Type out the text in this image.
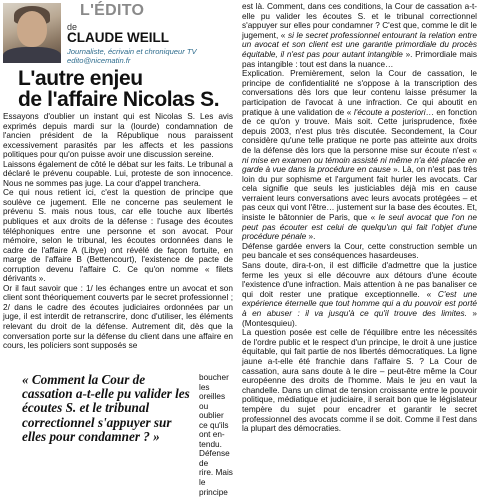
L'ÉDITO
de
CLAUDE WEILL
Journaliste, écrivain et chroniqueur TV
edito@nicematin.fr
L'autre enjeu
de l'affaire Nicolas S.

Essayons d'oublier un instant qui est Nicolas S. Les avis exprimés depuis mardi sur la (lourde) condamnation de l'ancien président de la République nous paraissent excessivement parasités par les affects et les passions politiques pour qu'on puisse avoir une discussion sereine.

Laissons également de côté le débat sur les faits. Le tribunal a déclaré le prévenu coupable. Lui, proteste de son innocence. Nous ne sommes pas juge. La cour d'appel tranchera.

Ce qui nous retient ici, c'est la question de principe que soulève ce jugement. Elle ne concerne pas seulement le prévenu S. mais nous tous, car elle touche aux libertés publiques et aux droits de la défense : l'usage des écoutes téléphoniques entre une personne et son avocat. Pour mémoire, selon le tribunal, les écoutes ordonnées dans le cadre de l'affaire A (Libye) ont révélé de façon fortuite, en marge de l'affaire B (Bettencourt), l'existence de pacte de corruption devenu l'affaire C. Ce qu'on nomme « filets dérivants ».

Or il faut savoir que : 1/ les échanges entre un avocat et son client sont théoriquement couverts par le secret professionnel ; 2/ dans le cadre des écoutes judiciaires ordonnées par un juge, il est interdit de retranscrire, donc d'utiliser, les éléments relevant du droit de la défense. Autrement dit, dès que la conversation porte sur la défense du client dans une affaire en cours, les policiers sont supposés se

« Comment la Cour de cassation a-t-elle pu valider les écoutes S. et le tribunal correctionnel s'appuyer sur elles pour condamner ? »
boucher
les oreilles
ou oublier
ce qu'ils ont en-
tendu.
Défense de
rire. Mais
le principe

est là. Comment, dans ces conditions, la Cour de cassation a-t-elle pu valider les écoutes S. et le tribunal correctionnel s'appuyer sur elles pour condamner ? C'est que, comme le dit le jugement, « si le secret professionnel entourant la relation entre un avocat et son client est une garantie primordiale du procès équitable, il n'est pas pour autant intangible ». Primordiale mais pas intangible : tout est dans la nuance…

Explication. Premièrement, selon la Cour de cassation, le principe de confidentialité ne s'oppose à la transcription des conversations dès lors que leur contenu laisse présumer la participation de l'avocat à une infraction. Ce qui aboutit en pratique à une validation de « l'écoute a posteriori… en fonction de ce qu'on y trouve. Mais soit. Cette jurisprudence, fixée depuis 2003, n'est plus très discutée. Secondement, la Cour considère qu'une telle pratique ne porte pas atteinte aux droits de la défense dès lors que la personne mise sur écoute n'est « ni mise en examen ou témoin assisté ni même n'a été placée en garde à vue dans la procédure en cause ». Là, on n'est pas très loin du pur sophisme et l'argument fait hurler les avocats. Car cela signifie que seuls les justiciables déjà mis en cause verraient leurs conversations avec leurs avocats protégées – et pas ceux qui vont l'être… justement sur la base des écoutes. Et, insiste le bâtonnier de Paris, que « le seul avocat que l'on ne peut pas écouter est celui de quelqu'un qui fait l'objet d'une procédure pénale ».

Défense gardée envers la Cour, cette construction semble un peu bancale et ses conséquences hasardeuses.

Sans doute, dira-t-on, il est difficile d'admettre que la justice ferme les yeux si elle découvre aux détours d'une écoute l'existence d'une infraction. Mais attention à ne pas banaliser ce qui doit rester une pratique exceptionnelle. « C'est une expérience éternelle que tout homme qui a du pouvoir est porté à en abuser : il va jusqu'à ce qu'il trouve des limites. » (Montesquieu).

La question posée est celle de l'équilibre entre les nécessités de l'ordre public et le respect d'un principe, le droit à une justice équitable, qui fait partie de nos libertés démocratiques. La ligne jaune a-t-elle été franchie dans l'affaire S. ? La Cour de cassation, aura sans doute à le dire – peut-être même la Cour européenne des droits de l'homme. Mais le jeu en vaut la chandelle. Dans un climat de tension croissante entre le pouvoir politique, médiatique et judiciaire, il serait bon que le législateur tempère du sujet pour encadrer et garantir le secret professionnel des avocats comme il se doit. Comme il l'est dans la plupart des démocraties.
